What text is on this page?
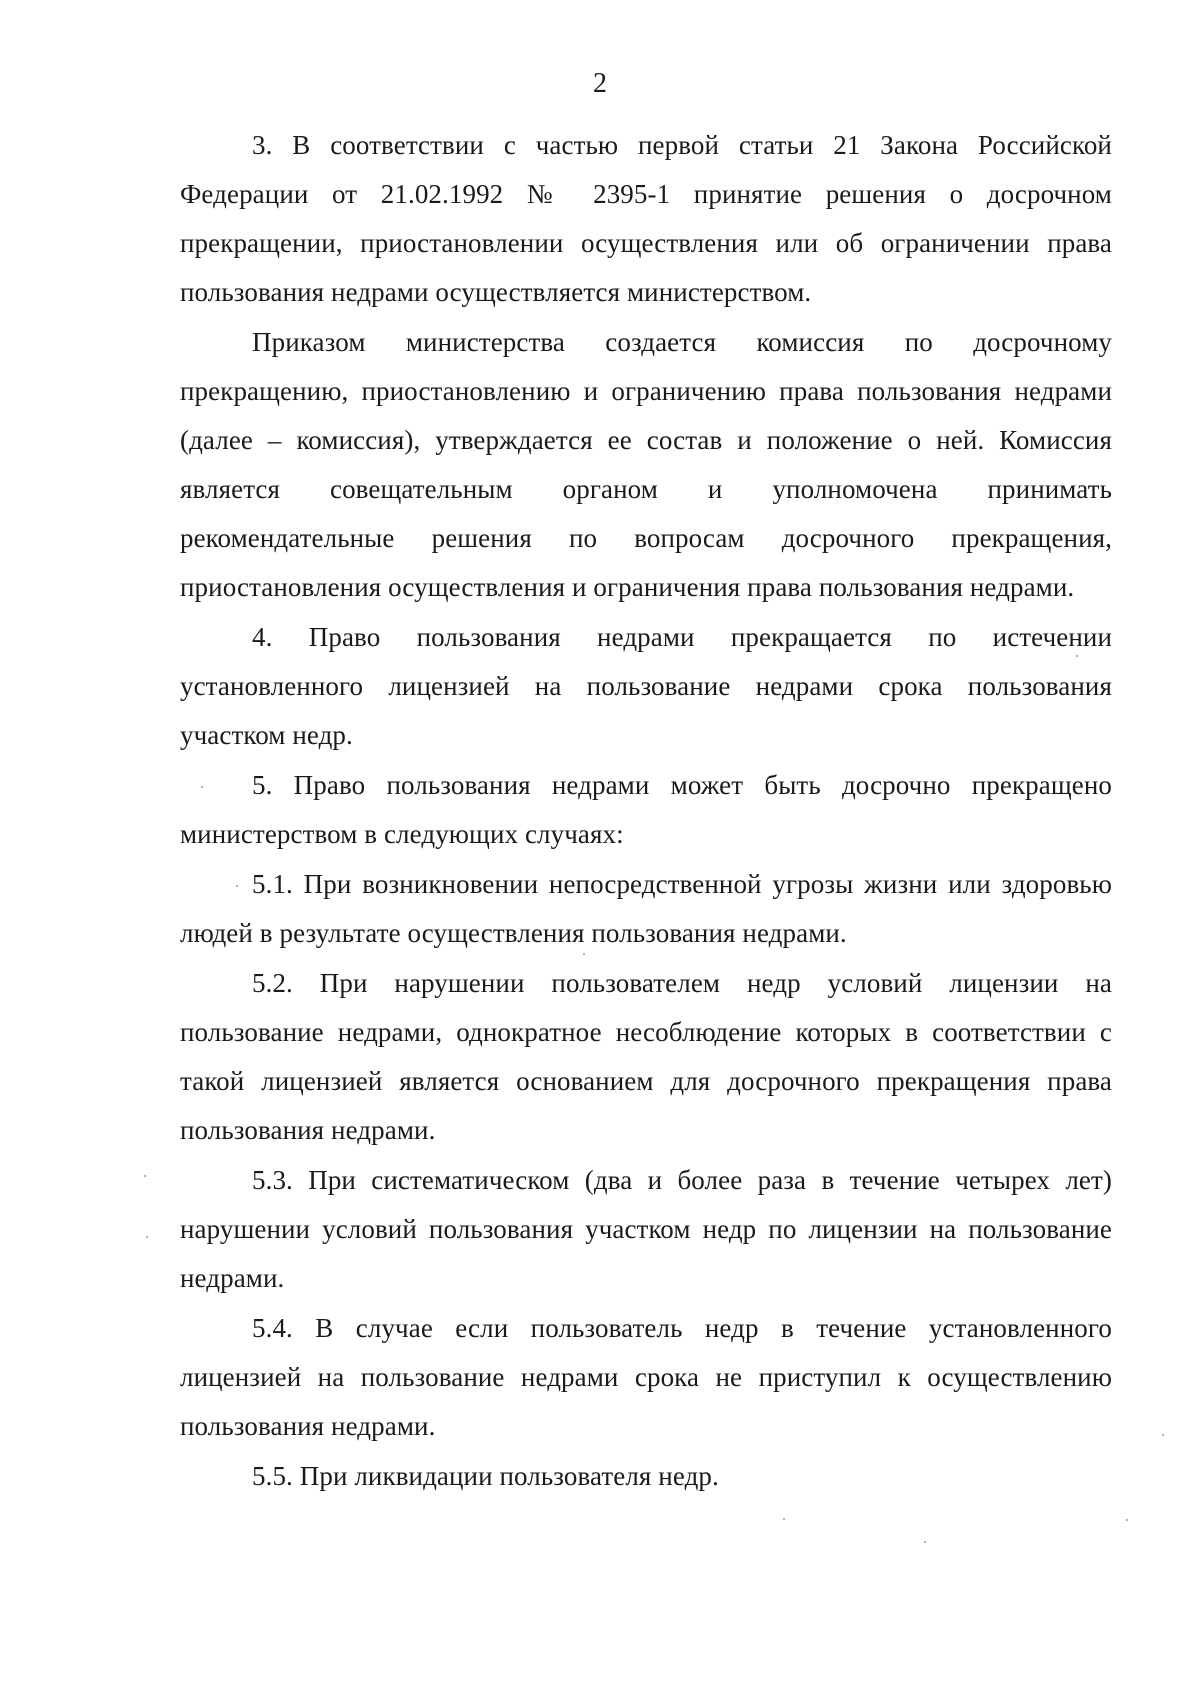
2

3. В соответствии с частью первой статьи 21 Закона Российской Федерации от 21.02.1992 № 2395-1 принятие решения о досрочном прекращении, приостановлении осуществления или об ограничении права пользования недрами осуществляется министерством.

Приказом министерства создается комиссия по досрочному прекращению, приостановлению и ограничению права пользования недрами (далее – комиссия), утверждается ее состав и положение о ней. Комиссия является совещательным органом и уполномочена принимать рекомендательные решения по вопросам досрочного прекращения, приостановления осуществления и ограничения права пользования недрами.

4. Право пользования недрами прекращается по истечении установленного лицензией на пользование недрами срока пользования участком недр.

5. Право пользования недрами может быть досрочно прекращено министерством в следующих случаях:

5.1. При возникновении непосредственной угрозы жизни или здоровью людей в результате осуществления пользования недрами.

5.2. При нарушении пользователем недр условий лицензии на пользование недрами, однократное несоблюдение которых в соответствии с такой лицензией является основанием для досрочного прекращения права пользования недрами.

5.3. При систематическом (два и более раза в течение четырех лет) нарушении условий пользования участком недр по лицензии на пользование недрами.

5.4. В случае если пользователь недр в течение установленного лицензией на пользование недрами срока не приступил к осуществлению пользования недрами.

5.5. При ликвидации пользователя недр.
